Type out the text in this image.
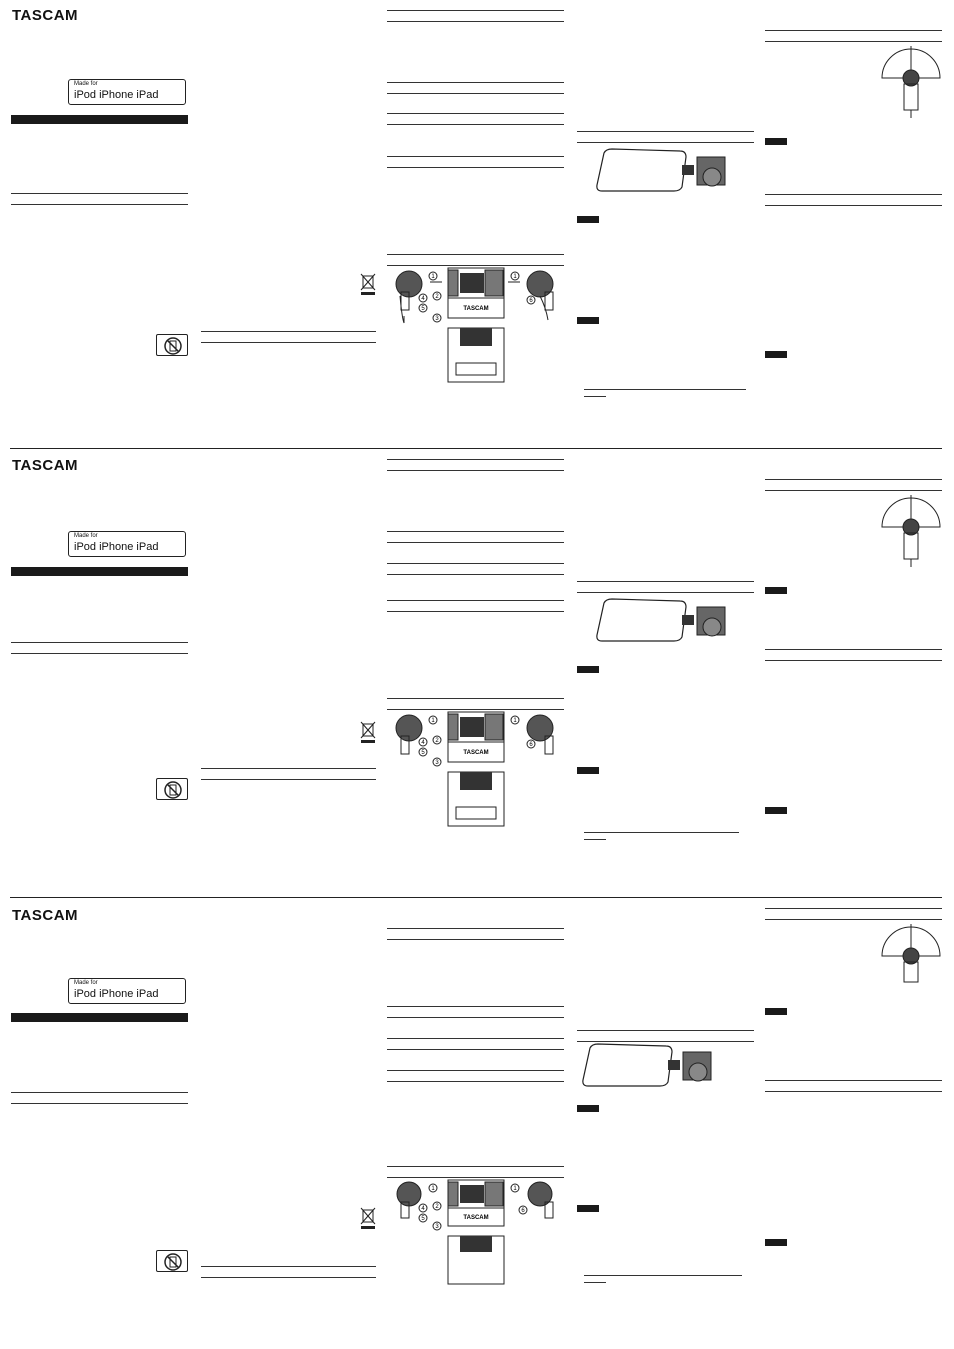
TASCAM
Made for
iPod iPhone iPad
TASCAM
1	1
2
3
4
5
6
TASCAM
Made for
iPod iPhone iPad
TASCAM
1	1
2
3
4
5
6
TASCAM
Made for
iPod iPhone iPad
TASCAM
1	1
2
3
4
5
6
